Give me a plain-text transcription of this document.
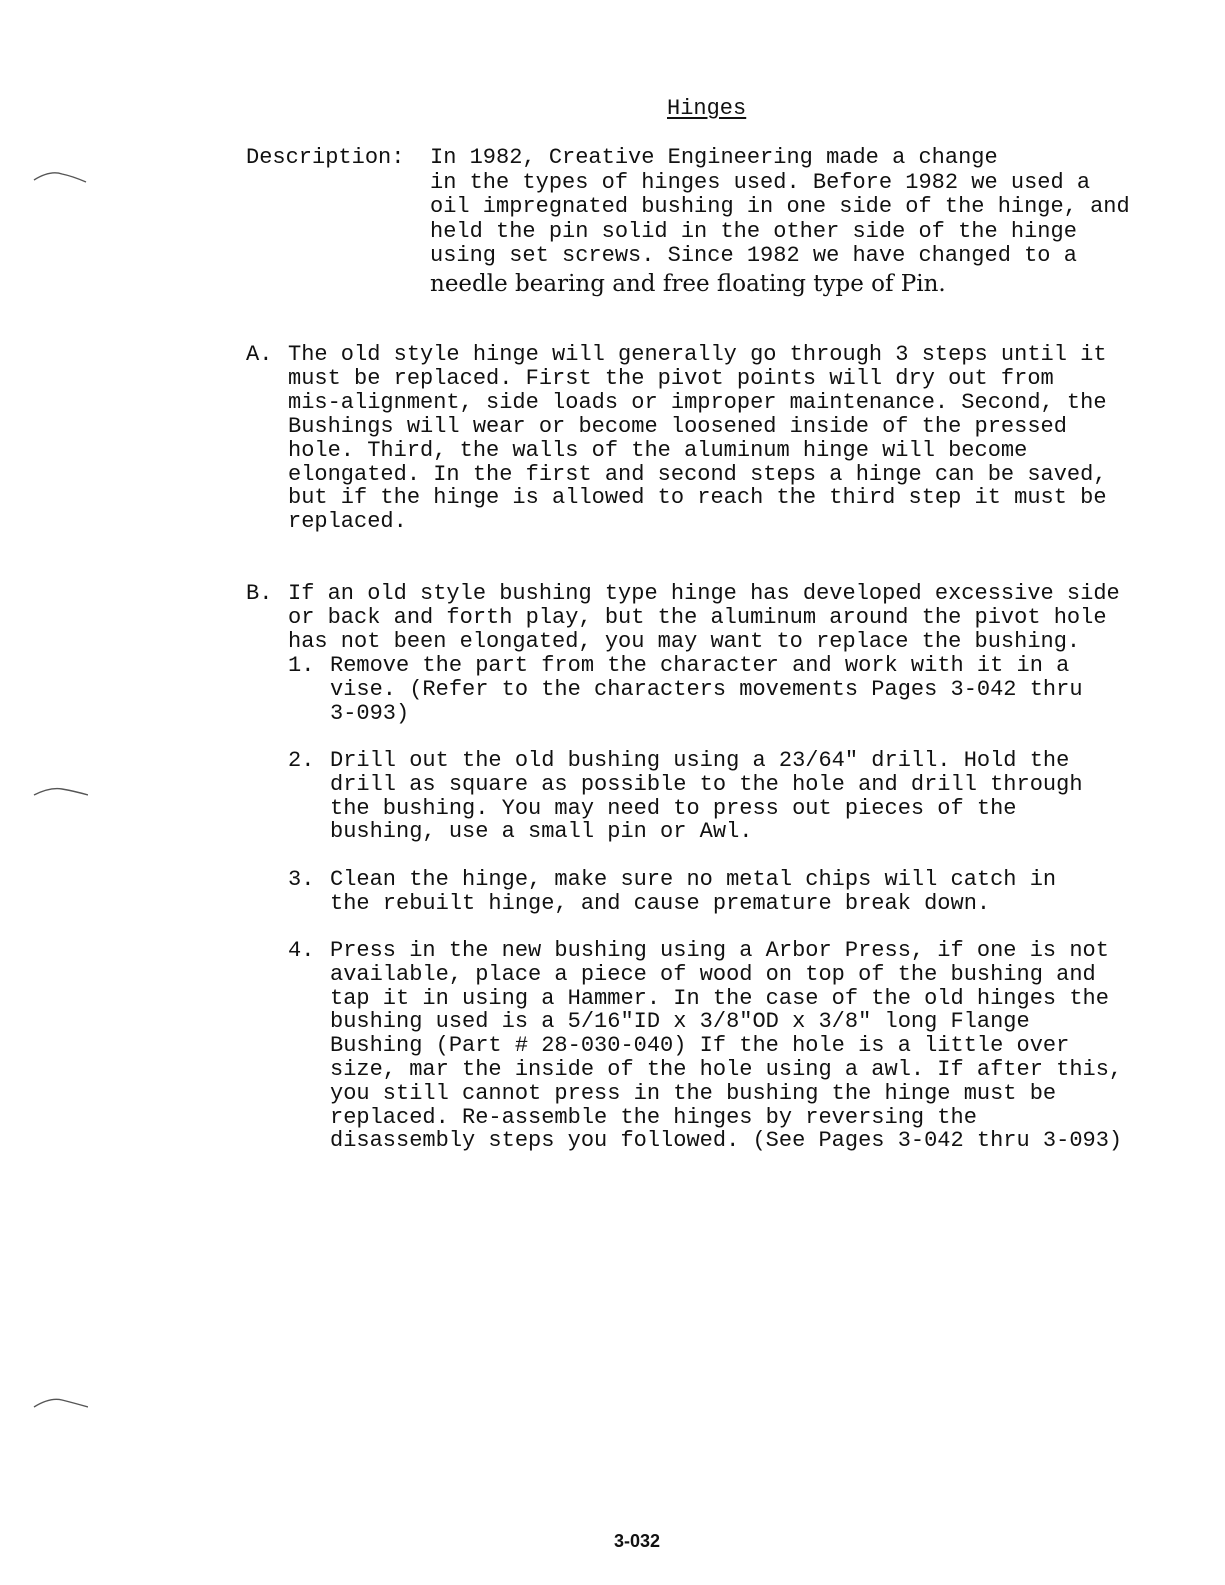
Hinges
Description: In 1982, Creative Engineering made a change
in the types of hinges used. Before 1982 we used a
oil impregnated bushing in one side of the hinge, and
held the pin solid in the other side of the hinge
using set screws. Since 1982 we have changed to a
needle bearing and free floating type of Pin.
A. The old style hinge will generally go through 3 steps until it
must be replaced. First the pivot points will dry out from
mis-alignment, side loads or improper maintenance. Second, the
Bushings will wear or become loosened inside of the pressed
hole. Third, the walls of the aluminum hinge will become
elongated. In the first and second steps a hinge can be saved,
but if the hinge is allowed to reach the third step it must be
replaced.
B. If an old style bushing type hinge has developed excessive side
or back and forth play, but the aluminum around the pivot hole
has not been elongated, you may want to replace the bushing.
1. Remove the part from the character and work with it in a
vise. (Refer to the characters movements Pages 3-042 thru
3-093)
2. Drill out the old bushing using a 23/64" drill. Hold the
drill as square as possible to the hole and drill through
the bushing. You may need to press out pieces of the
bushing, use a small pin or Awl.
3. Clean the hinge, make sure no metal chips will catch in
the rebuilt hinge, and cause premature break down.
4. Press in the new bushing using a Arbor Press, if one is not
available, place a piece of wood on top of the bushing and
tap it in using a Hammer. In the case of the old hinges the
bushing used is a 5/16"ID x 3/8"OD x 3/8" long Flange
Bushing (Part # 28-030-040) If the hole is a little over
size, mar the inside of the hole using a awl. If after this,
you still cannot press in the bushing the hinge must be
replaced. Re-assemble the hinges by reversing the
disassembly steps you followed. (See Pages 3-042 thru 3-093)
3-032
